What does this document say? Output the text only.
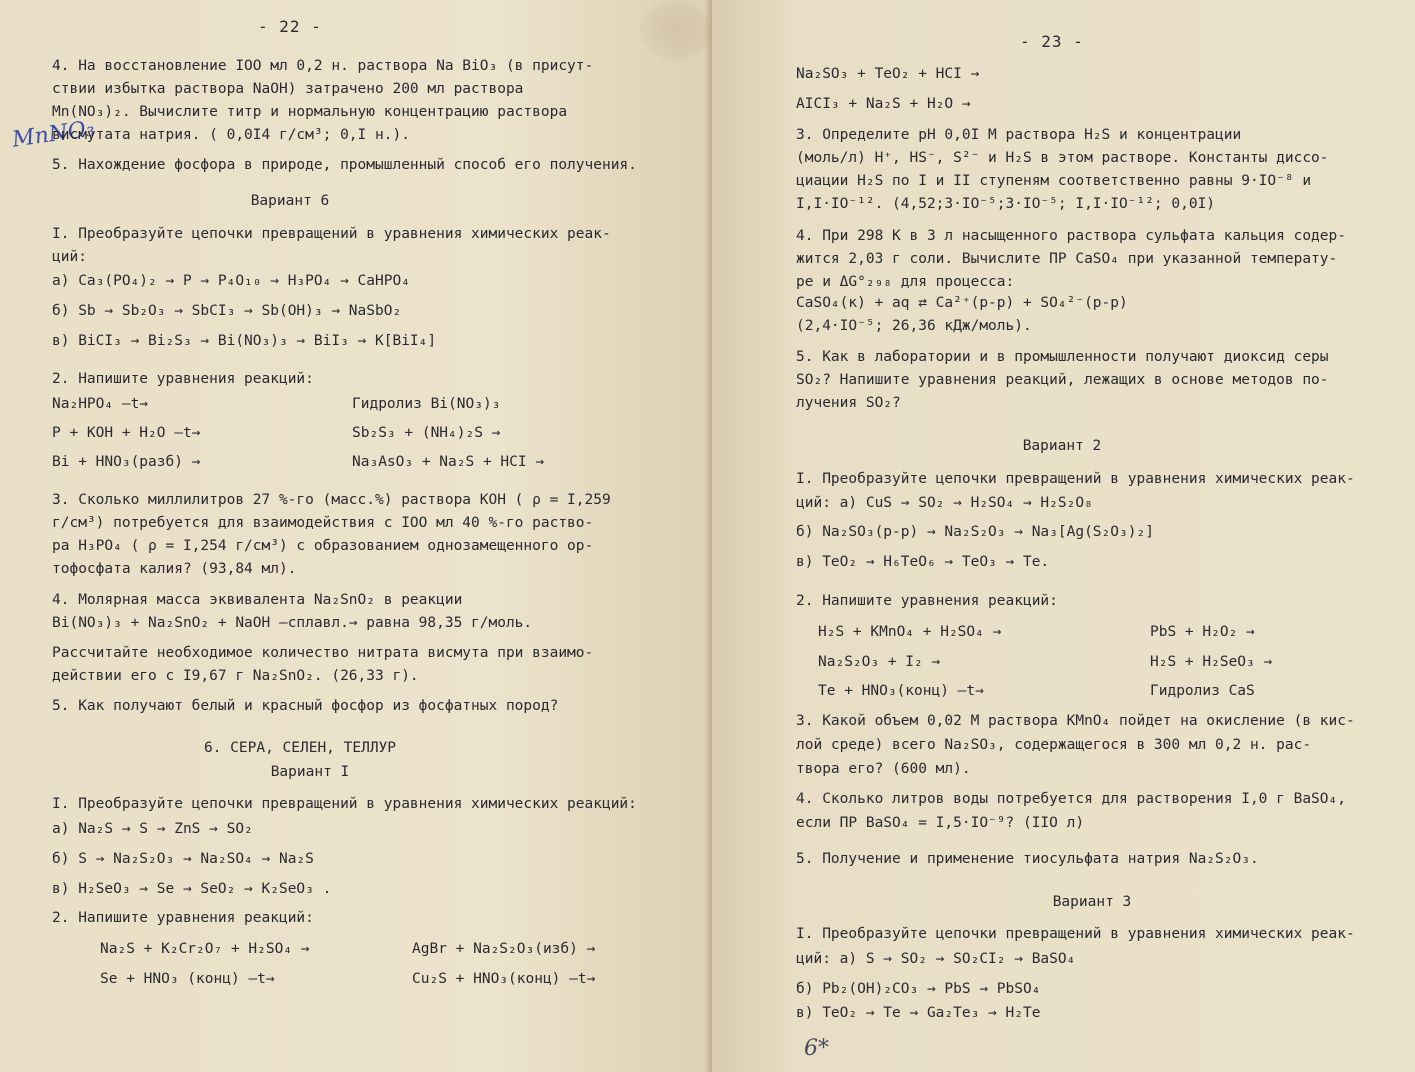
- 22 -
MnNO₃
4. На восстановление IOO мл 0,2 н. раствора Na BiO₃ (в присут-
ствии избытка раствора NaOH) затрачено 200 мл раствора
Mn(NO₃)₂. Вычислите титр и нормальную концентрацию раствора
висмутата натрия. ( 0,0I4 г/см³; 0,I н.).
5. Нахождение фосфора в природе, промышленный способ его получения.
Вариант 6
I. Преобразуйте цепочки превращений в уравнения химических реак-
ций:
а) Ca₃(PO₄)₂ → P → P₄O₁₀ → H₃PO₄ → CaHPO₄
б) Sb → Sb₂O₃ → SbCI₃ → Sb(OH)₃ → NaSbO₂
в) BiCI₃ → Bi₂S₃ → Bi(NO₃)₃ → BiI₃ → K[BiI₄]
2. Напишите уравнения реакций:
Na₂HPO₄ —t→
P + KOH + H₂O —t→
Bi + HNO₃(разб) →
Гидролиз Bi(NO₃)₃
Sb₂S₃ + (NH₄)₂S →
Na₃AsO₃ + Na₂S + HCI →
3. Сколько миллилитров 27 %-го (масс.%) раствора KOH ( ρ = I,259
г/см³) потребуется для взаимодействия с IOO мл 40 %-го раство-
ра H₃PO₄ ( ρ = I,254 г/см³) с образованием однозамещенного ор-
тофосфата калия? (93,84 мл).
4. Молярная масса эквивалента Na₂SnO₂ в реакции
Bi(NO₃)₃ + Na₂SnO₂ + NaOH —сплавл.→ равна 98,35 г/моль.
Рассчитайте необходимое количество нитрата висмута при взаимо-
действии его с I9,67 г Na₂SnO₂. (26,33 г).
5. Как получают белый и красный фосфор из фосфатных пород?
6. СЕРА, СЕЛЕН, ТЕЛЛУР
Вариант I
I. Преобразуйте цепочки превращений в уравнения химических реакций:
а) Na₂S → S → ZnS → SO₂
б) S → Na₂S₂O₃ → Na₂SO₄ → Na₂S
в) H₂SeO₃ → Se → SeO₂ → K₂SeO₃ .
2. Напишите уравнения реакций:
Na₂S + K₂Cr₂O₇ + H₂SO₄ →
Se + HNO₃ (конц) —t→
AgBr + Na₂S₂O₃(изб) →
Cu₂S + HNO₃(конц) —t→
- 23 -
Na₂SO₃ + TeO₂ + HCI →
AICI₃ + Na₂S + H₂O →
3. Определите pH 0,0I M раствора H₂S и концентрации
(моль/л) H⁺, HS⁻, S²⁻ и H₂S в этом растворе. Константы диссо-
циации H₂S по I и II ступеням соответственно равны 9·IO⁻⁸ и
I,I·IO⁻¹². (4,52;3·IO⁻⁵;3·IO⁻⁵; I,I·IO⁻¹²; 0,0I)
4. При 298 K в 3 л насыщенного раствора сульфата кальция содер-
жится 2,03 г соли. Вычислите ПР CaSO₄ при указанной температу-
ре и ΔG°₂₉₈ для процесса:
CaSO₄(к) + aq ⇄ Ca²⁺(р-р) + SO₄²⁻(р-р)
(2,4·IO⁻⁵; 26,36 кДж/моль).
5. Как в лаборатории и в промышленности получают диоксид серы
SO₂? Напишите уравнения реакций, лежащих в основе методов по-
лучения SO₂?
Вариант 2
I. Преобразуйте цепочки превращений в уравнения химических реак-
ций: а) CuS → SO₂ → H₂SO₄ → H₂S₂O₈
б) Na₂SO₃(р-р) → Na₂S₂O₃ → Na₃[Ag(S₂O₃)₂]
в) TeO₂ → H₆TeO₆ → TeO₃ → Te.
2. Напишите уравнения реакций:
H₂S + KMnO₄ + H₂SO₄ →
Na₂S₂O₃ + I₂ →
Te + HNO₃(конц) —t→
PbS + H₂O₂ →
H₂S + H₂SeO₃ →
Гидролиз CaS
3. Какой объем 0,02 M раствора KMnO₄ пойдет на окисление (в кис-
лой среде) всего Na₂SO₃, содержащегося в 300 мл 0,2 н. рас-
твора его? (600 мл).
4. Сколько литров воды потребуется для растворения I,0 г BaSO₄,
если ПР BaSO₄ = I,5·IO⁻⁹? (IIO л)
5. Получение и применение тиосульфата натрия Na₂S₂O₃.
Вариант 3
I. Преобразуйте цепочки превращений в уравнения химических реак-
ций: а) S → SO₂ → SO₂CI₂ → BaSO₄
б) Pb₂(OH)₂CO₃ → PbS → PbSO₄
в) TeO₂ → Te → Ga₂Te₃ → H₂Te
6*
